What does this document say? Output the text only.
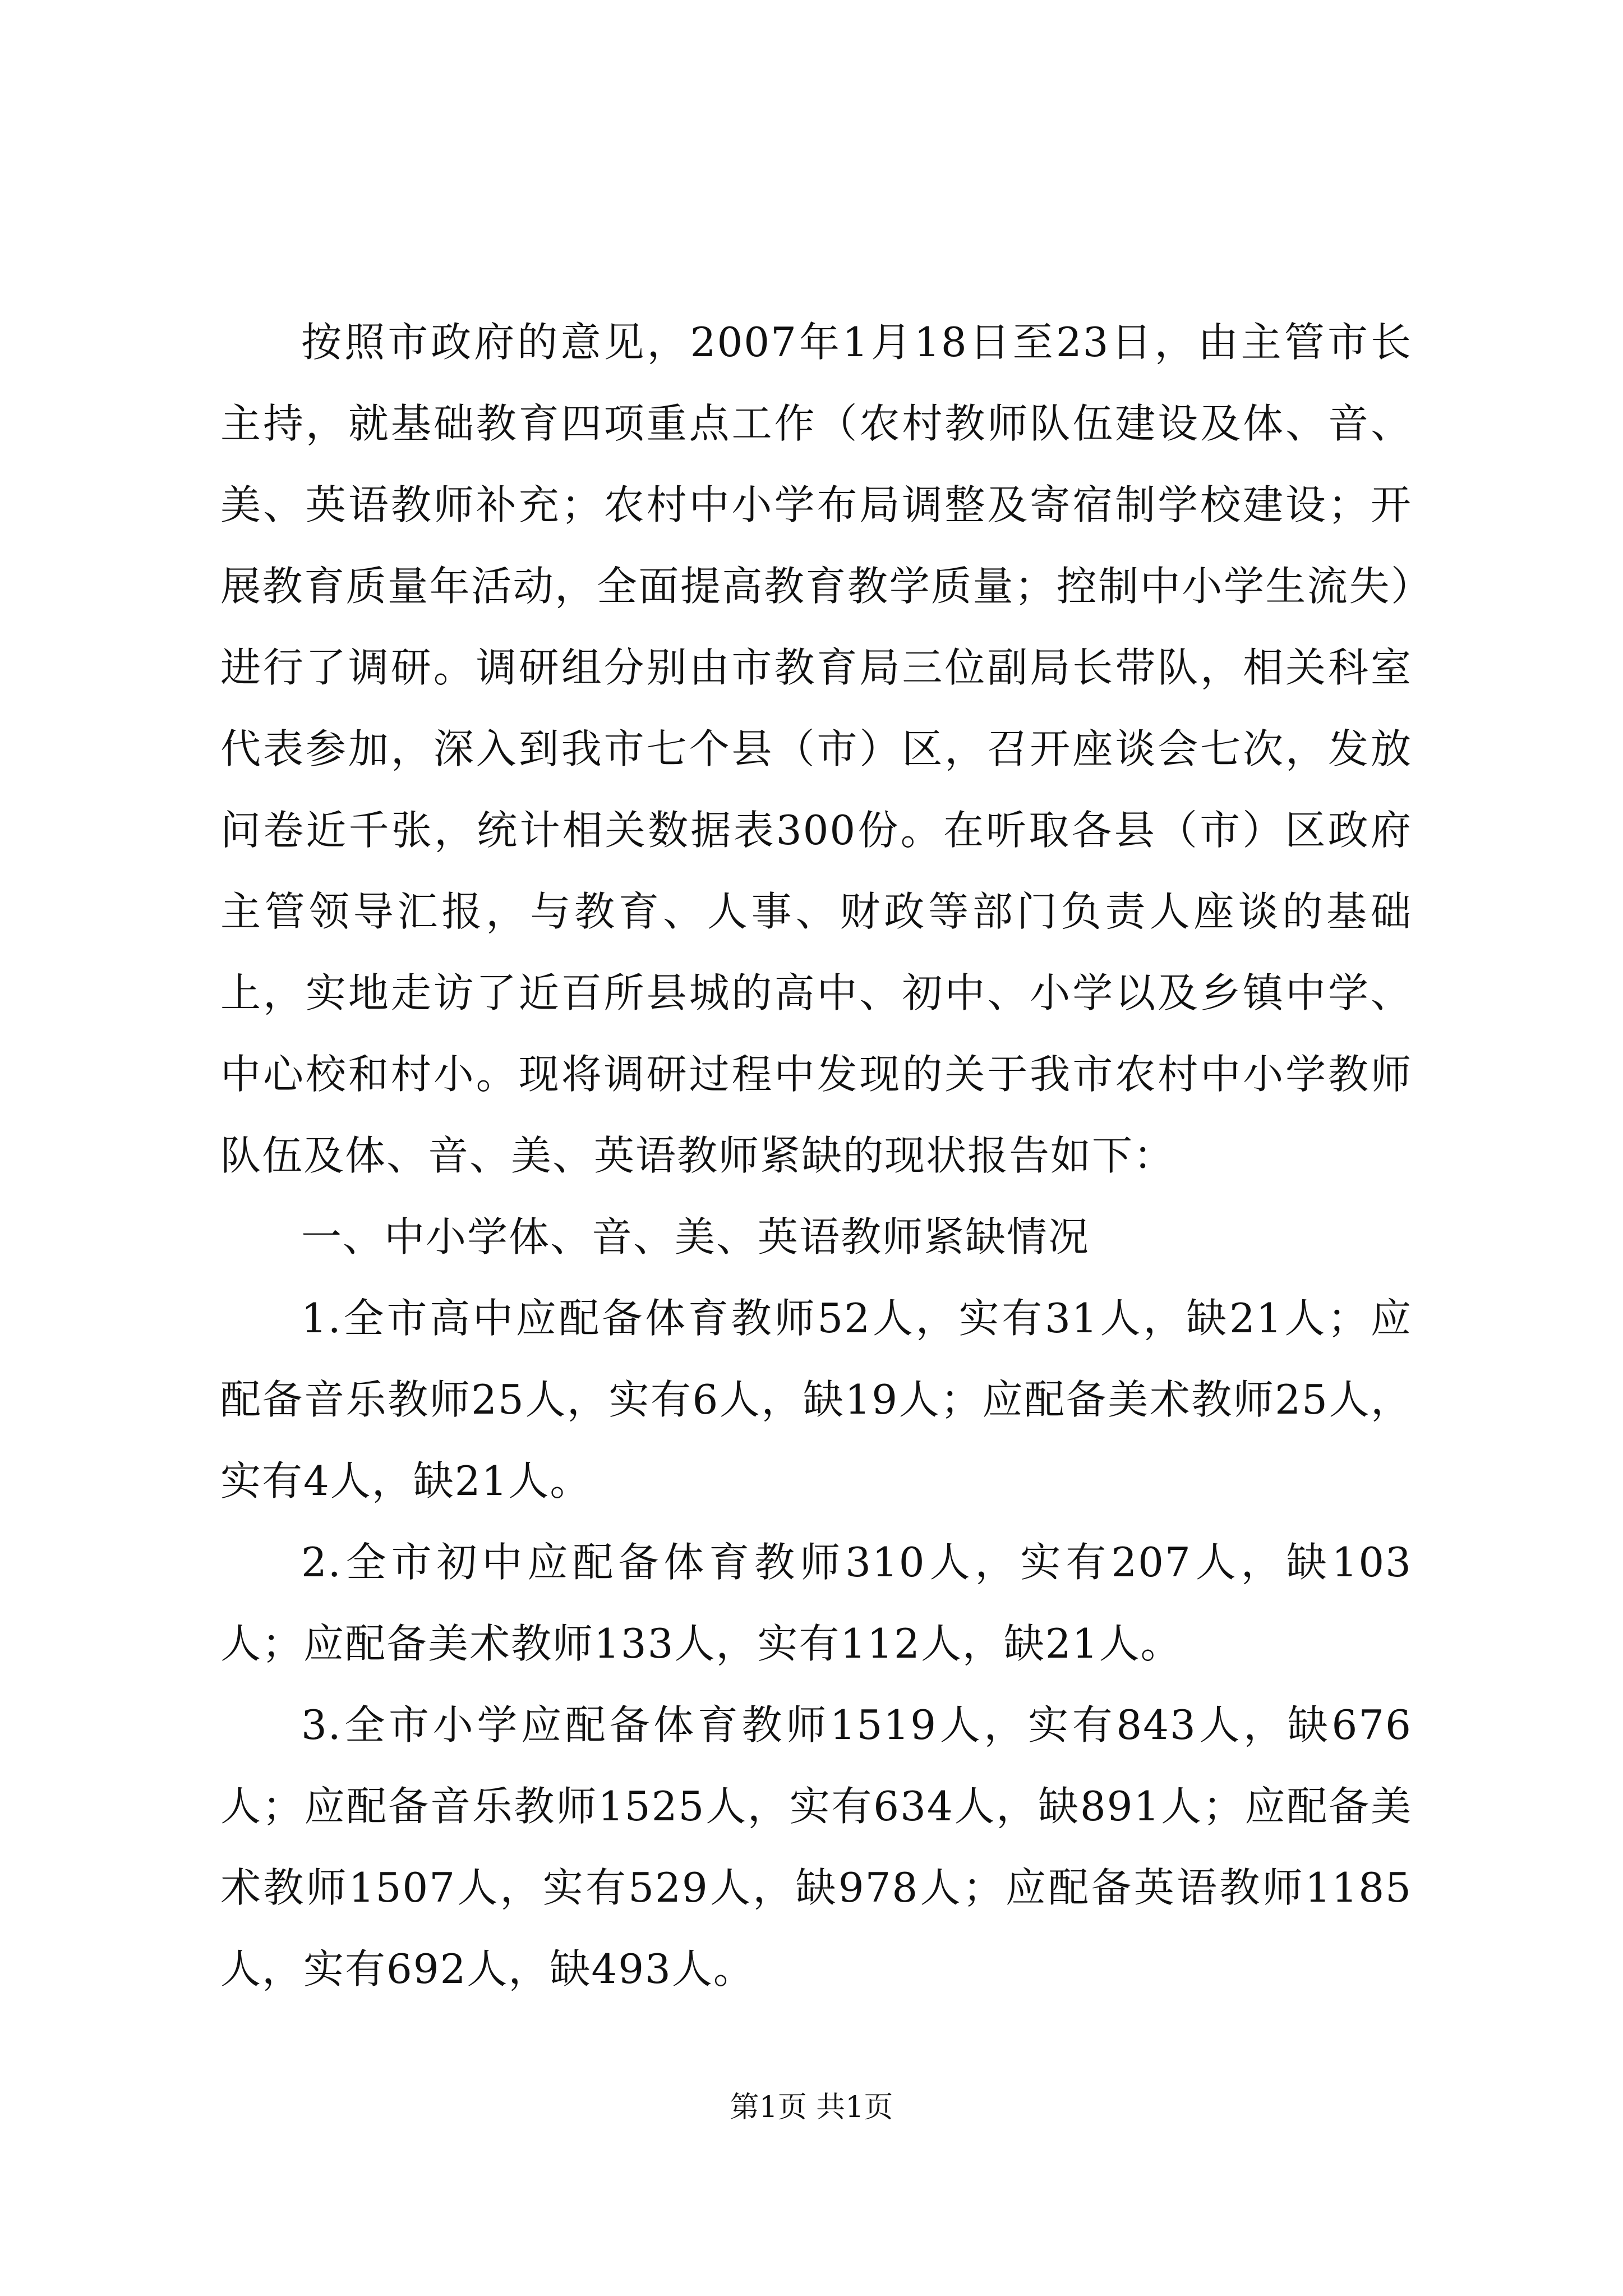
按照市政府的意见，2007年1月18日至23日，由主管市长主持，就基础教育四项重点工作（农村教师队伍建设及体、音、美、英语教师补充；农村中小学布局调整及寄宿制学校建设；开展教育质量年活动，全面提高教育教学质量；控制中小学生流失）进行了调研。调研组分别由市教育局三位副局长带队，相关科室代表参加，深入到我市七个县（市）区，召开座谈会七次，发放问卷近千张，统计相关数据表300份。在听取各县（市）区政府主管领导汇报，与教育、人事、财政等部门负责人座谈的基础上，实地走访了近百所县城的高中、初中、小学以及乡镇中学、中心校和村小。现将调研过程中发现的关于我市农村中小学教师队伍及体、音、美、英语教师紧缺的现状报告如下：

一、中小学体、音、美、英语教师紧缺情况

1.全市高中应配备体育教师52人，实有31人，缺21人；应配备音乐教师25人，实有6人，缺19人；应配备美术教师25人，实有4人，缺21人。

2.全市初中应配备体育教师310人，实有207人，缺103人；应配备美术教师133人，实有112人，缺21人。

3.全市小学应配备体育教师1519人，实有843人，缺676人；应配备音乐教师1525人，实有634人，缺891人；应配备美术教师1507人，实有529人，缺978人；应配备英语教师1185人，实有692人，缺493人。

第1页 共1页
